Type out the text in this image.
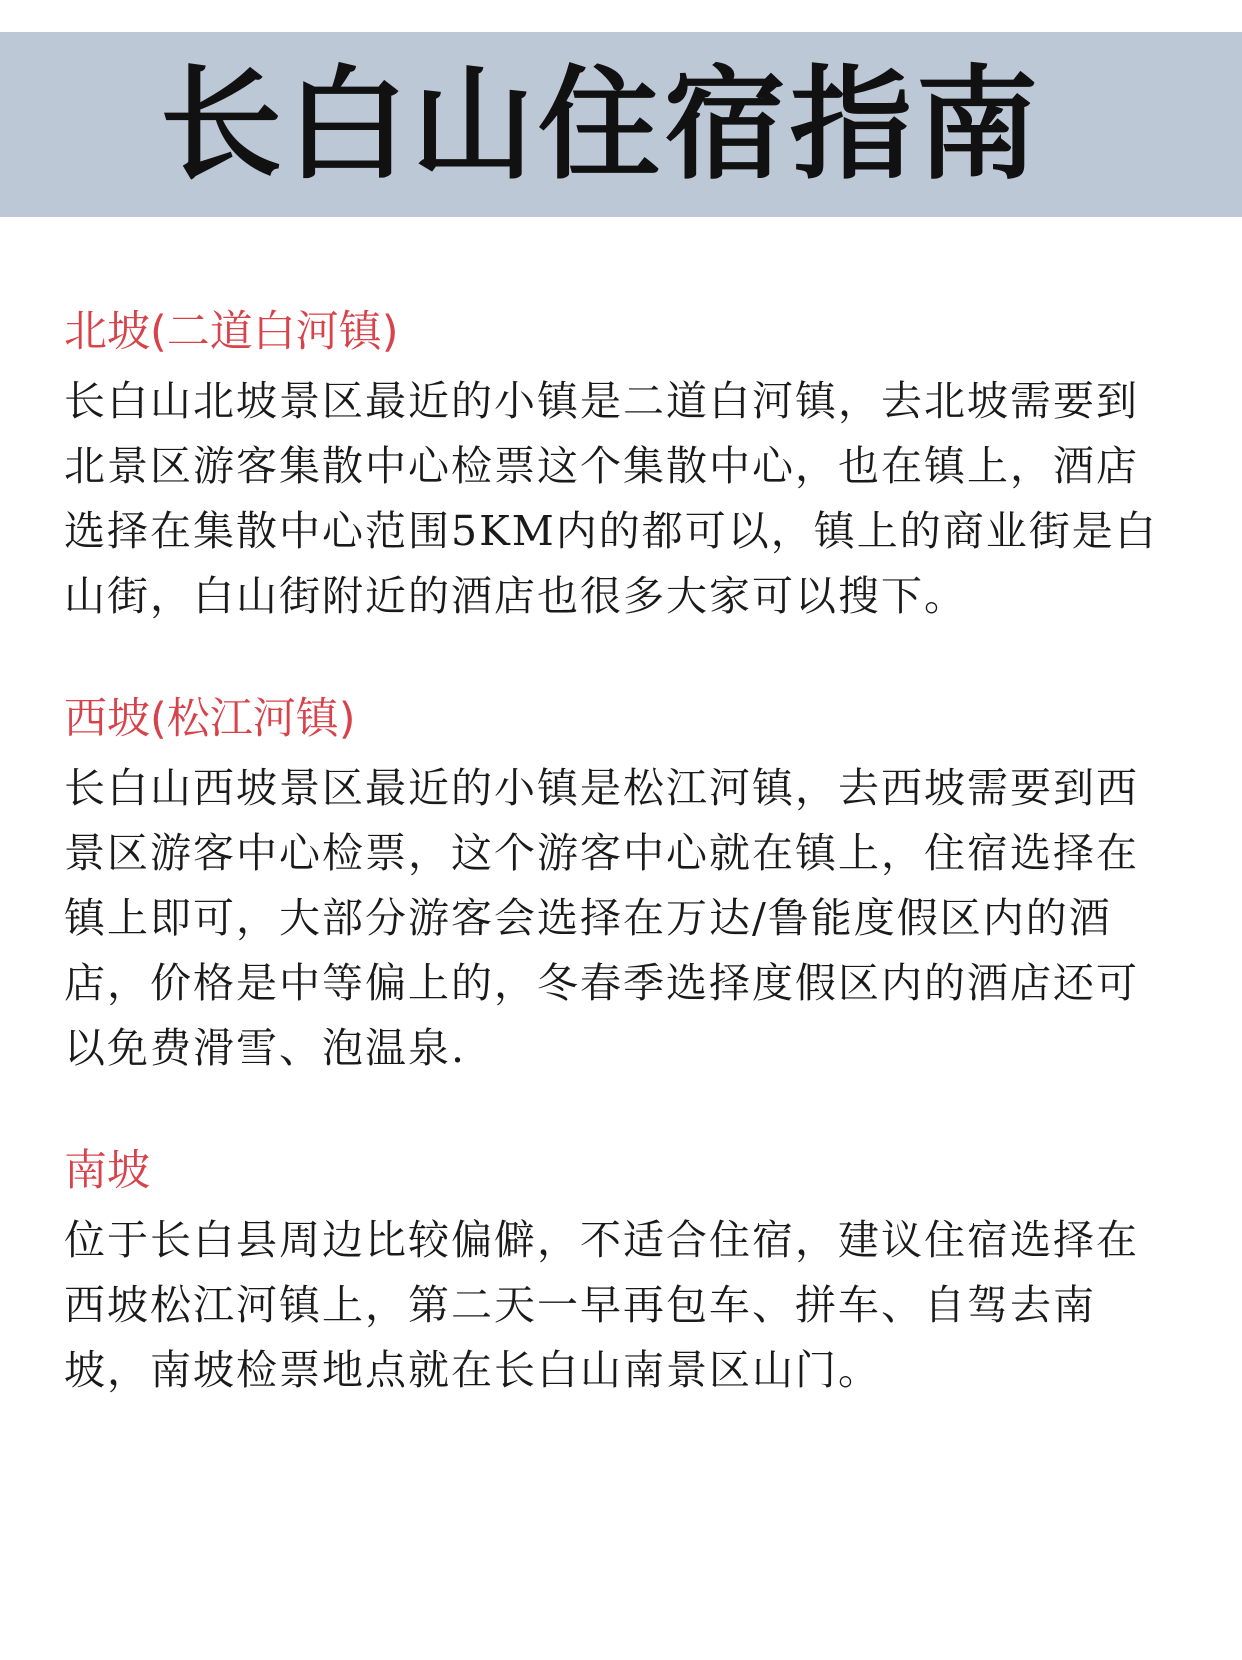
长白山住宿指南

北坡(二道白河镇)

长白山北坡景区最近的小镇是二道白河镇，去北坡需要到北景区游客集散中心检票这个集散中心，也在镇上，酒店选择在集散中心范围5KM内的都可以，镇上的商业街是白山街，白山街附近的酒店也很多大家可以搜下。

西坡(松江河镇)

长白山西坡景区最近的小镇是松江河镇，去西坡需要到西景区游客中心检票，这个游客中心就在镇上，住宿选择在镇上即可，大部分游客会选择在万达/鲁能度假区内的酒店，价格是中等偏上的，冬春季选择度假区内的酒店还可以免费滑雪、泡温泉.

南坡

位于长白县周边比较偏僻，不适合住宿，建议住宿选择在西坡松江河镇上，第二天一早再包车、拼车、自驾去南坡，南坡检票地点就在长白山南景区山门。
